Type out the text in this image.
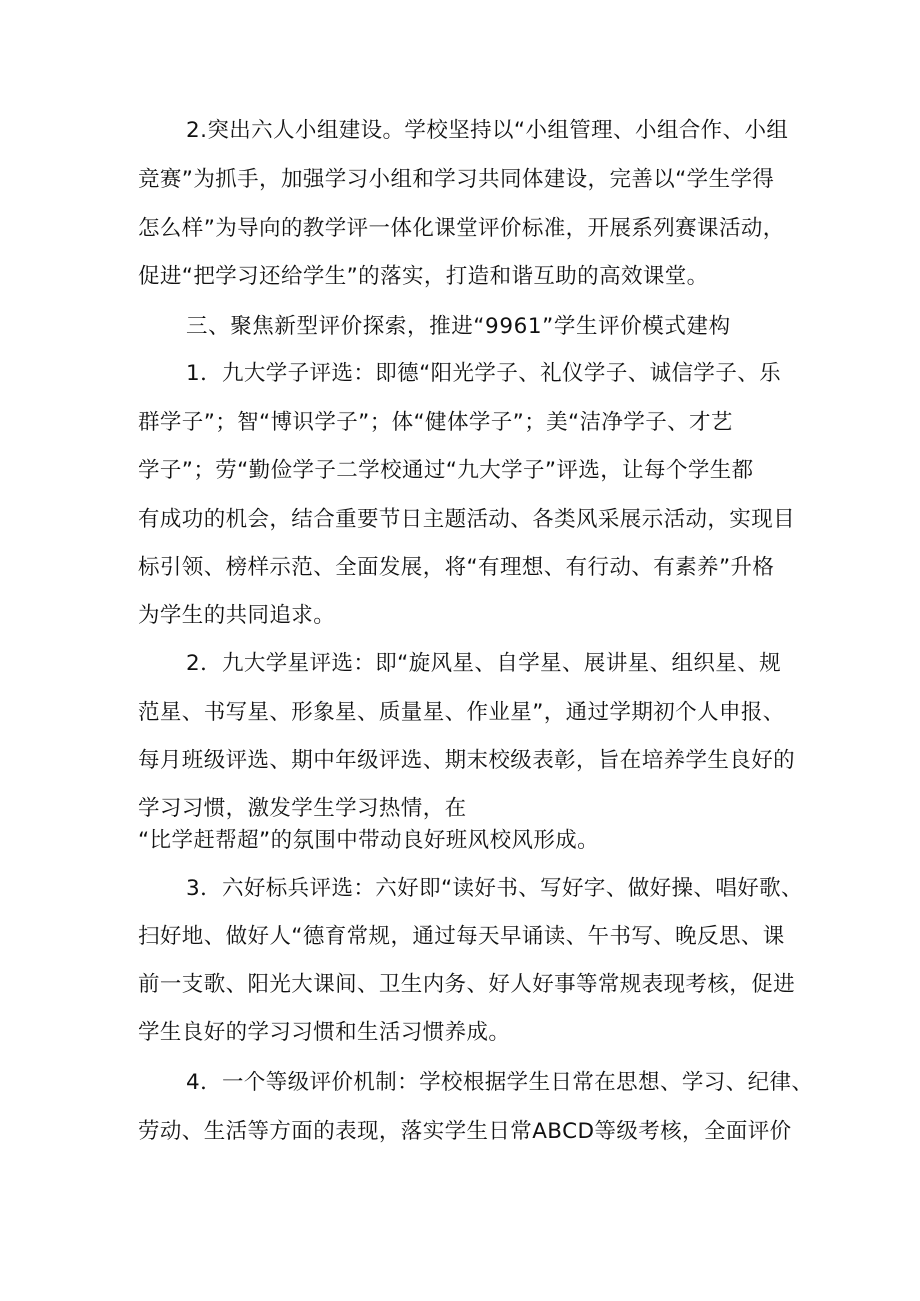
2.突出六人小组建设。学校坚持以“小组管理、小组合作、小组
竞赛”为抓手，加强学习小组和学习共同体建设，完善以“学生学得
怎么样”为导向的教学评一体化课堂评价标准，开展系列赛课活动，
促进“把学习还给学生”的落实，打造和谐互助的高效课堂。
三、聚焦新型评价探索，推进“9961”学生评价模式建构
1．九大学子评选：即德“阳光学子、礼仪学子、诚信学子、乐
群学子”；智“博识学子”；体“健体学子”；美“洁净学子、才艺
学子”；劳“勤俭学子二学校通过“九大学子”评选，让每个学生都
有成功的机会，结合重要节日主题活动、各类风采展示活动，实现目
标引领、榜样示范、全面发展，将“有理想、有行动、有素养”升格
为学生的共同追求。
2．九大学星评选：即“旋风星、自学星、展讲星、组织星、规
范星、书写星、形象星、质量星、作业星”，通过学期初个人申报、
每月班级评选、期中年级评选、期末校级表彰，旨在培养学生良好的
学习习惯，激发学生学习热情，在
“比学赶帮超”的氛围中带动良好班风校风形成。
3．六好标兵评选：六好即“读好书、写好字、做好操、唱好歌、
扫好地、做好人“德育常规，通过每天早诵读、午书写、晚反思、课
前一支歌、阳光大课间、卫生内务、好人好事等常规表现考核，促进
学生良好的学习习惯和生活习惯养成。
4．一个等级评价机制：学校根据学生日常在思想、学习、纪律、
劳动、生活等方面的表现，落实学生日常ABCD等级考核，全面评价
